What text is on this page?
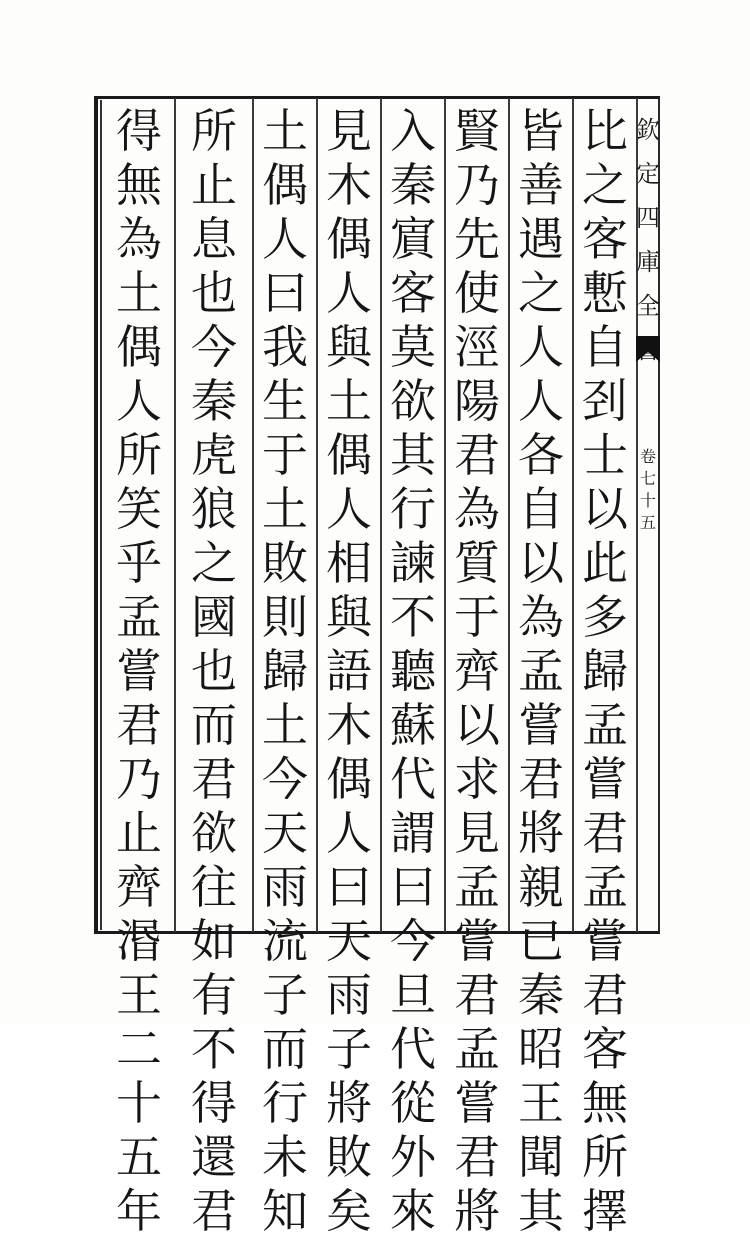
欽
定
四
庫
全
卷
七
十
五
比
之
客
慙
自
刭
士
以
此
多
歸
孟
嘗
君
孟
嘗
君
客
無
所
擇
皆
善
遇
之
人
人
各
自
以
為
孟
嘗
君
將
親
已
秦
昭
王
聞
其
賢
乃
先
使
涇
陽
君
為
質
于
齊
以
求
見
孟
嘗
君
孟
嘗
君
將
入
秦
賔
客
莫
欲
其
行
諫
不
聽
蘇
代
謂
曰
今
旦
代
從
外
來
見
木
偶
人
與
土
偶
人
相
與
語
木
偶
人
曰
天
雨
子
將
敗
矣
土
偶
人
曰
我
生
于
土
敗
則
歸
土
今
天
雨
流
子
而
行
未
知
所
止
息
也
今
秦
虎
狼
之
國
也
而
君
欲
往
如
有
不
得
還
君
得
無
為
土
偶
人
所
笑
乎
孟
嘗
君
乃
止
齊
湣
王
二
十
五
年
